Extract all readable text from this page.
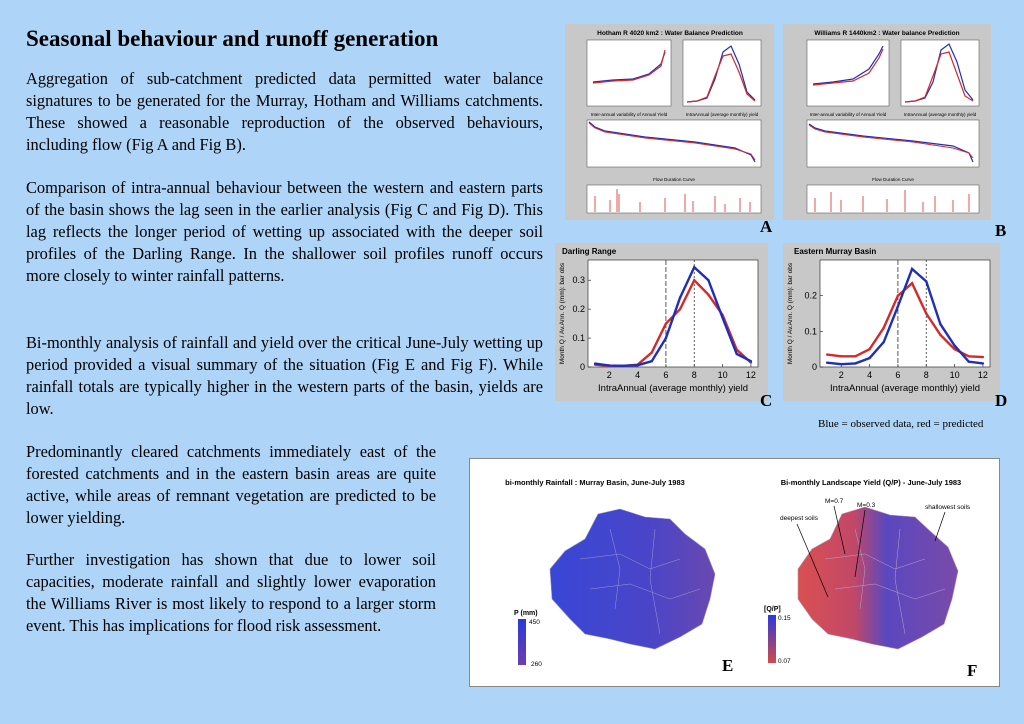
Seasonal behaviour and runoff generation

Aggregation of sub-catchment predicted data permitted water balance signatures to be generated for the Murray, Hotham and Williams catchments. These showed a reasonable reproduction of the observed behaviours, including flow (Fig A and Fig B).

Comparison of intra-annual behaviour between the western and eastern parts of the basin shows the lag seen in the earlier analysis (Fig C and Fig D). This lag reflects the longer period of wetting up associated with the deeper soil profiles of the Darling Range. In the shallower soil profiles runoff occurs more closely to winter rainfall patterns.

Bi-monthly analysis of rainfall and yield over the critical June-July wetting up period provided a visual summary of the situation (Fig E and Fig F). While rainfall totals are typically higher in the western parts of the basin, yields are low.

Predominantly cleared catchments immediately east of the forested catchments and in the eastern basin areas are quite active, while areas of remnant vegetation are predicted to be lower yielding.

Further investigation has shown that due to lower soil capacities, moderate rainfall and slightly lower evaporation the Williams River is most likely to respond to a larger storm event. This has implications for flood risk assessment.

Hotham R 4020 km2 : Water Balance Prediction
Inter-annual variability of Annual Yield	IntraAnnual (average monthly) yield
Flow Duration Curve
Williams R 1440km2 : Water balance Prediction
Inter-annual variability of Annual Yield	IntraAnnual (average monthly) yield
Flow Duration Curve
A	B
Darling Range
2	4	6	8 10 12
0
0.1
0.2
0.3
IntraAnnual (average monthly) yield
Month Q / Av.Ann. Q (mm): bar obs
Eastern Murray Basin
2	4	6	8 10 12
0
0.1
0.2
IntraAnnual (average monthly) yield
Month Q / Av.Ann. Q (mm): bar obs
C	D
Blue = observed data, red = predicted
bi-monthly Rainfall : Murray Basin, June-July 1983
P (mm)
450
260
Bi-monthly Landscape Yield (Q/P) - June-July 1983
deepest soils
M=0.7
M=0.3	shallowest soils
[Q/P]
0.15
0.07
E	F
